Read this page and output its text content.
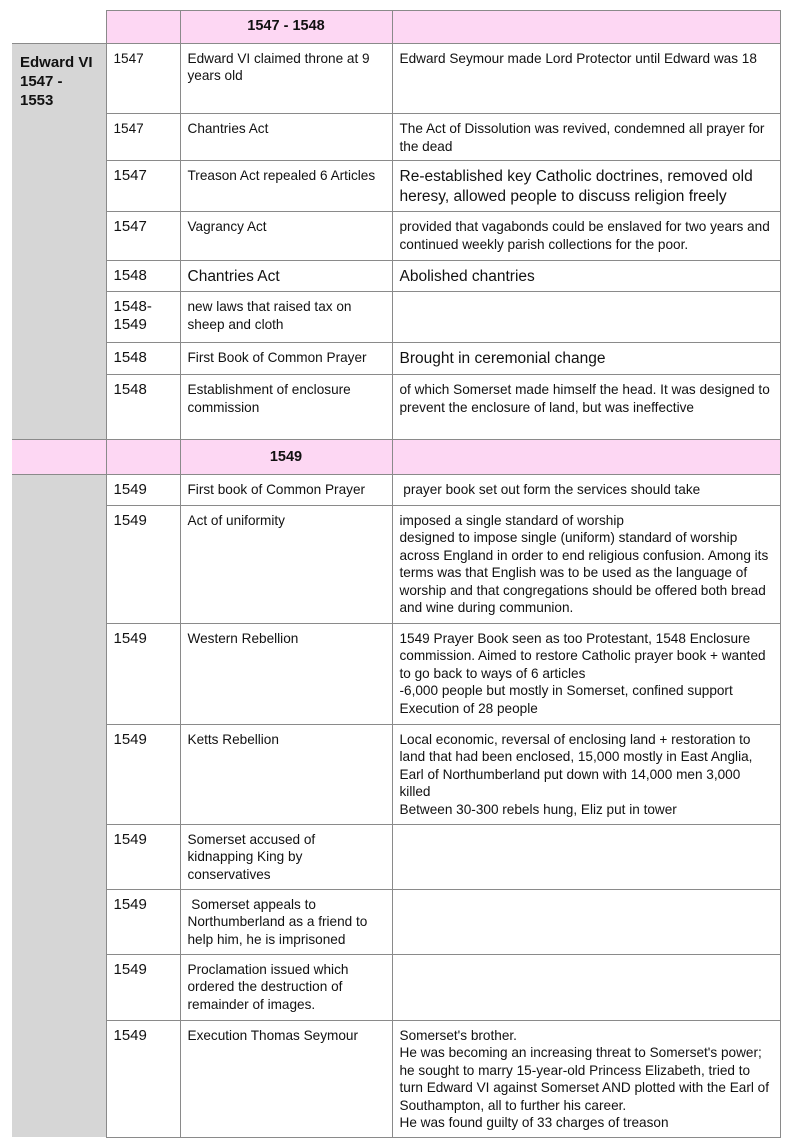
		1547 - 1548	

Edward VI
1547 -
1553	1547	Edward VI claimed throne at 9 years old	Edward Seymour made Lord Protector until Edward was 18

	1547	Chantries Act	The Act of Dissolution was revived, condemned all prayer for the dead

	1547	Treason Act repealed 6 Articles	Re-established key Catholic doctrines, removed old heresy, allowed people to discuss religion freely

	1547	Vagrancy Act	provided that vagabonds could be enslaved for two years and continued weekly parish collections for the poor.

	1548	Chantries Act	Abolished chantries

	1548-1549	new laws that raised tax on sheep and cloth	

	1548	First Book of Common Prayer	Brought in ceremonial change

	1548	Establishment of enclosure commission	of which Somerset made himself the head. It was designed to prevent the enclosure of land, but was ineffective

		1549	
	1549	First book of Common Prayer	prayer book set out form the services should take

	1549	Act of uniformity	imposed a single standard of worship
designed to impose single (uniform) standard of worship across England in order to end religious confusion. Among its terms was that English was to be used as the language of worship and that congregations should be offered both bread and wine during communion.

	1549	Western Rebellion	1549 Prayer Book seen as too Protestant, 1548 Enclosure commission. Aimed to restore Catholic prayer book + wanted to go back to ways of 6 articles
-6,000 people but mostly in Somerset, confined support
Execution of 28 people

	1549	Ketts Rebellion	Local economic, reversal of enclosing land + restoration to land that had been enclosed, 15,000 mostly in East Anglia, Earl of Northumberland put down with 14,000 men 3,000 killed
Between 30-300 rebels hung, Eliz put in tower

	1549	Somerset accused of kidnapping King by conservatives	

	1549	Somerset appeals to Northumberland as a friend to help him, he is imprisoned	

	1549	Proclamation issued which ordered the destruction of remainder of images.	

	1549	Execution Thomas Seymour	Somerset's brother.
He was becoming an increasing threat to Somerset's power; he sought to marry 15-year-old Princess Elizabeth, tried to turn Edward VI against Somerset AND plotted with the Earl of Southampton, all to further his career.
He was found guilty of 33 charges of treason
